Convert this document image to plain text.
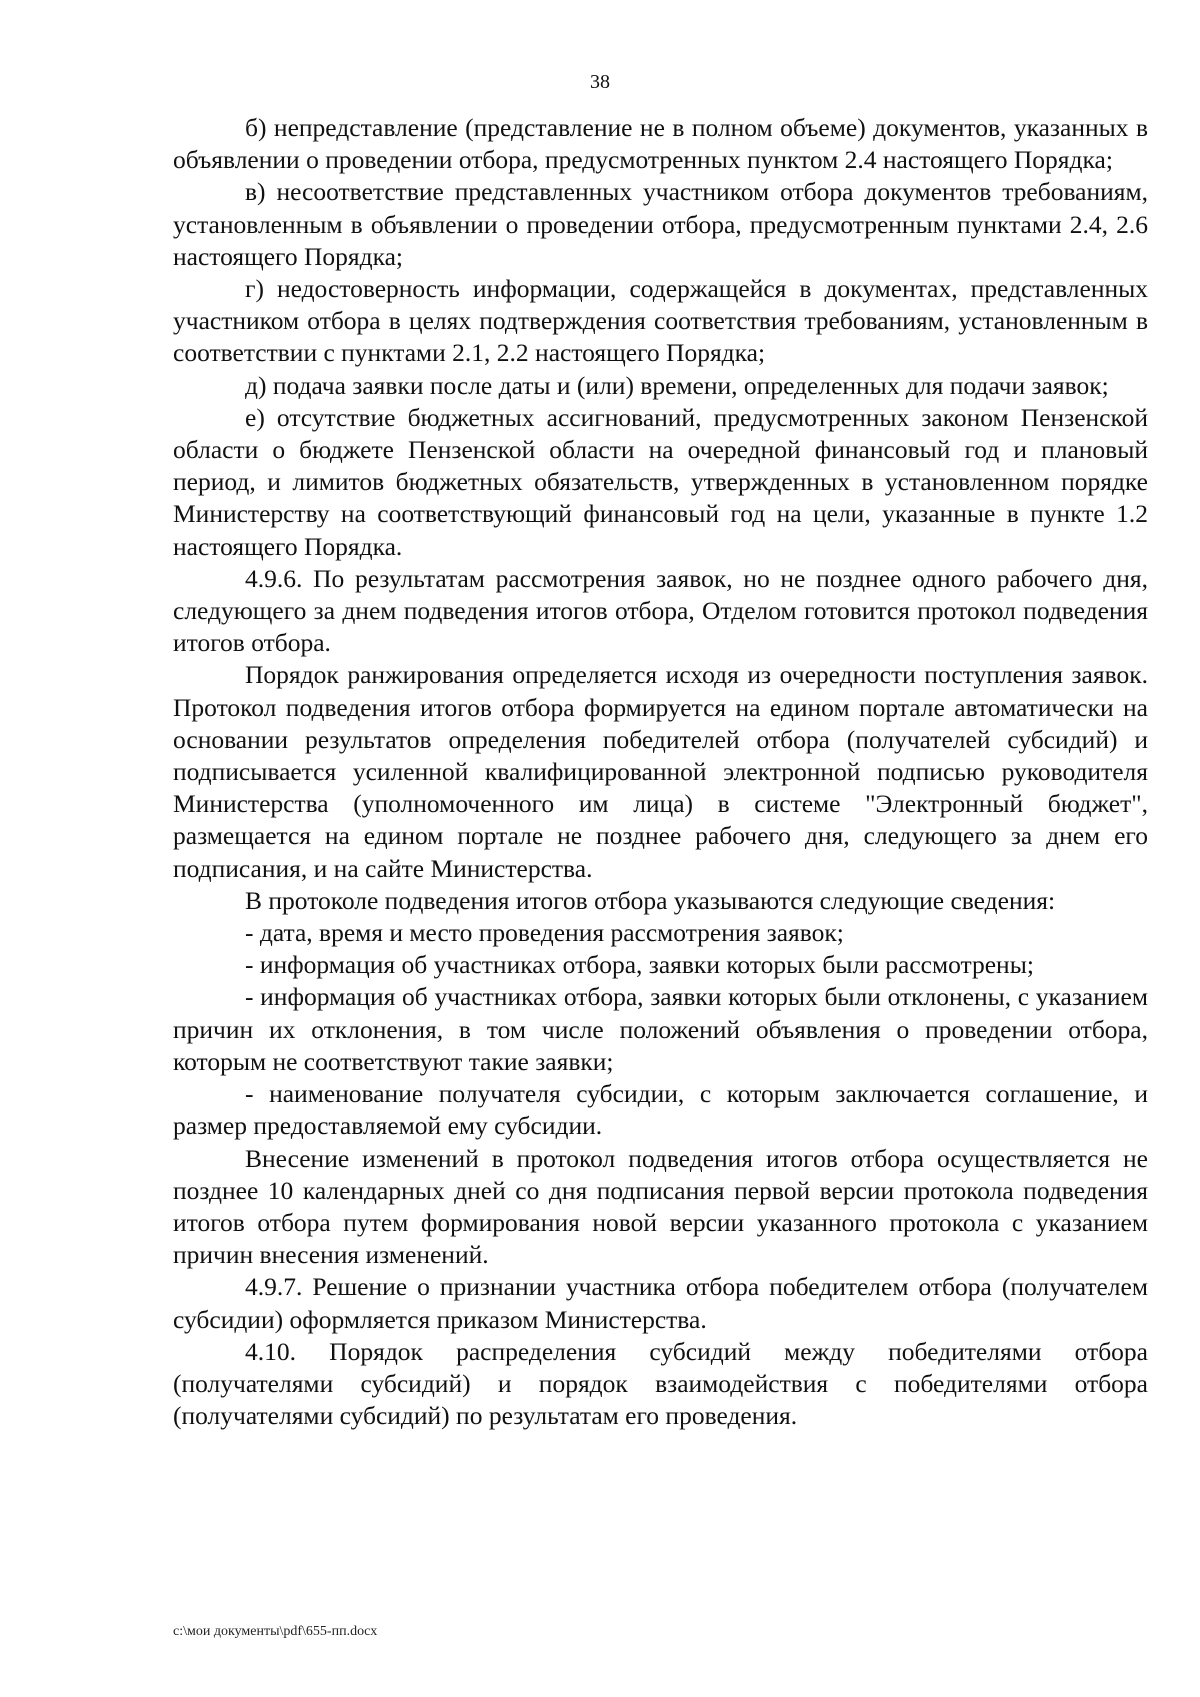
38

б) непредставление (представление не в полном объеме) документов, указанных в объявлении о проведении отбора, предусмотренных пунктом 2.4 настоящего Порядка;

в) несоответствие представленных участником отбора документов требованиям, установленным в объявлении о проведении отбора, предусмотренным пунктами 2.4, 2.6 настоящего Порядка;

г) недостоверность информации, содержащейся в документах, представленных участником отбора в целях подтверждения соответствия требованиям, установленным в соответствии с пунктами 2.1, 2.2 настоящего Порядка;

д) подача заявки после даты и (или) времени, определенных для подачи заявок;

е) отсутствие бюджетных ассигнований, предусмотренных законом Пензенской области о бюджете Пензенской области на очередной финансовый год и плановый период, и лимитов бюджетных обязательств, утвержденных в установленном порядке Министерству на соответствующий финансовый год на цели, указанные в пункте 1.2 настоящего Порядка.

4.9.6. По результатам рассмотрения заявок, но не позднее одного рабочего дня, следующего за днем подведения итогов отбора, Отделом готовится протокол подведения итогов отбора.

Порядок ранжирования определяется исходя из очередности поступления заявок. Протокол подведения итогов отбора формируется на едином портале автоматически на основании результатов определения победителей отбора (получателей субсидий) и подписывается усиленной квалифицированной электронной подписью руководителя Министерства (уполномоченного им лица) в системе "Электронный бюджет", размещается на едином портале не позднее рабочего дня, следующего за днем его подписания, и на сайте Министерства.

В протоколе подведения итогов отбора указываются следующие сведения:

- дата, время и место проведения рассмотрения заявок;

- информация об участниках отбора, заявки которых были рассмотрены;

- информация об участниках отбора, заявки которых были отклонены, с указанием причин их отклонения, в том числе положений объявления о проведении отбора, которым не соответствуют такие заявки;

- наименование получателя субсидии, с которым заключается соглашение, и размер предоставляемой ему субсидии.

Внесение изменений в протокол подведения итогов отбора осуществляется не позднее 10 календарных дней со дня подписания первой версии протокола подведения итогов отбора путем формирования новой версии указанного протокола с указанием причин внесения изменений.

4.9.7. Решение о признании участника отбора победителем отбора (получателем субсидии) оформляется приказом Министерства.

4.10. Порядок распределения субсидий между победителями отбора (получателями субсидий) и порядок взаимодействия с победителями отбора (получателями субсидий) по результатам его проведения.

c:\мои документы\pdf\655-пп.docx
